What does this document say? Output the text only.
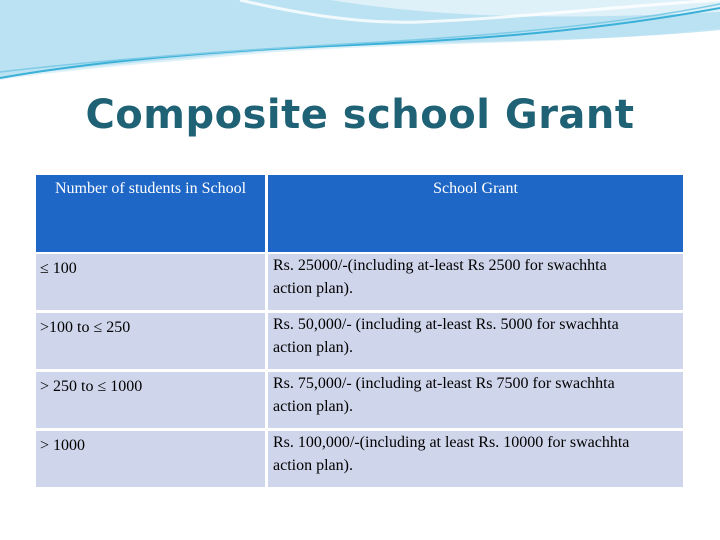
Composite school Grant
Number of students in School	School Grant
≤ 100	Rs. 25000/-(including at-least Rs 2500 for swachhta action plan).
>100 to ≤ 250	Rs. 50,000/- (including at-least Rs. 5000 for swachhta action plan).
> 250 to ≤ 1000	Rs. 75,000/- (including at-least Rs 7500 for swachhta action plan).
> 1000	Rs. 100,000/-(including at least Rs. 10000 for swachhta action plan).
